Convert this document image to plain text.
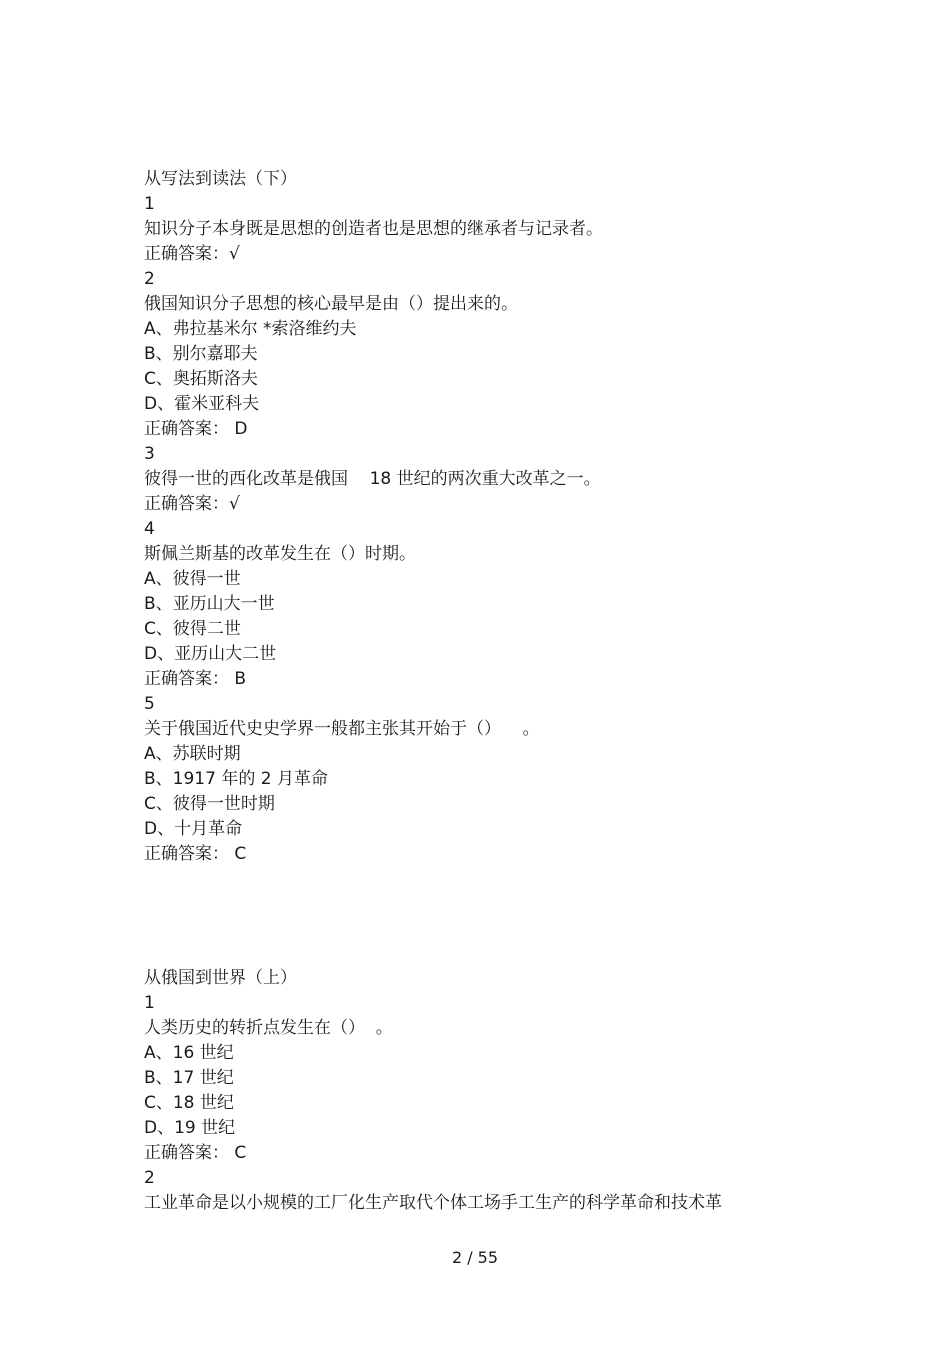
从写法到读法（下）
1
知识分子本身既是思想的创造者也是思想的继承者与记录者。
正确答案：√
2
俄国知识分子思想的核心最早是由（）提出来的。
A、弗拉基米尔 *索洛维约夫
B、别尔嘉耶夫
C、奥拓斯洛夫
D、霍米亚科夫
正确答案： D
3
彼得一世的西化改革是俄国    18 世纪的两次重大改革之一。
正确答案：√
4
斯佩兰斯基的改革发生在（）时期。
A、彼得一世
B、亚历山大一世
C、彼得二世
D、亚历山大二世
正确答案： B
5
关于俄国近代史史学界一般都主张其开始于（）    。
A、苏联时期
B、1917 年的 2 月革命
C、彼得一世时期
D、十月革命
正确答案： C
从俄国到世界（上）
1
人类历史的转折点发生在（）  。
A、16 世纪
B、17 世纪
C、18 世纪
D、19 世纪
正确答案： C
2
工业革命是以小规模的工厂化生产取代个体工场手工生产的科学革命和技术革
2 / 55
